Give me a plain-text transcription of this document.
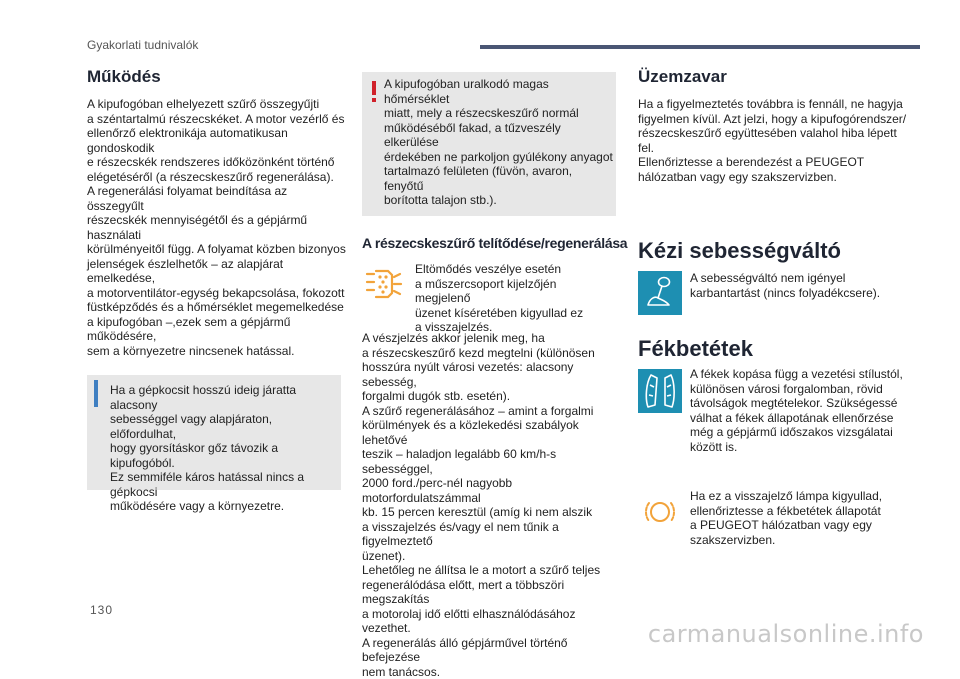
Gyakorlati tudnivalók
Működés
A kipufogóban elhelyezett szűrő összegyűjti
a széntartalmú részecskéket. A motor vezérlő és
ellenőrző elektronikája automatikusan gondoskodik
e részecskék rendszeres időközönként történő
elégetéséről (a részecskeszűrő regenerálása).
A regenerálási folyamat beindítása az összegyűlt
részecskék mennyiségétől és a gépjármű használati
körülményeitől függ. A folyamat közben bizonyos
jelenségek észlelhetők – az alapjárat emelkedése,
a motorventilátor-egység bekapcsolása, fokozott
füstképződés és a hőmérséklet megemelkedése
a kipufogóban –,ezek sem a gépjármű működésére,
sem a környezetre nincsenek hatással.
Ha a gépkocsit hosszú ideig járatta alacsony
sebességgel vagy alapjáraton, előfordulhat,
hogy gyorsításkor gőz távozik a kipufogóból.
Ez semmiféle káros hatással nincs a gépkocsi
működésére vagy a környezetre.
A kipufogóban uralkodó magas hőmérséklet
miatt, mely a részecskeszűrő normál
működéséből fakad, a tűzveszély elkerülése
érdekében ne parkoljon gyúlékony anyagot
tartalmazó felületen (füvön, avaron, fenyőtű
borította talajon stb.).
A részecskeszűrő telítődése/regenerálása
Eltömődés veszélye esetén
a műszercsoport kijelzőjén megjelenő
üzenet kíséretében kigyullad ez
a visszajelzés.
A vészjelzés akkor jelenik meg, ha
a részecskeszűrő kezd megtelni (különösen
hosszúra nyúlt városi vezetés: alacsony sebesség,
forgalmi dugók stb. esetén).
A szűrő regenerálásához – amint a forgalmi
körülmények és a közlekedési szabályok lehetővé
teszik – haladjon legalább 60 km/h-s sebességgel,
2000 ford./perc-nél nagyobb motorfordulatszámmal
kb. 15 percen keresztül (amíg ki nem alszik
a visszajelzés és/vagy el nem tűnik a figyelmeztető
üzenet).
Lehetőleg ne állítsa le a motort a szűrő teljes
regenerálódása előtt, mert a többszöri megszakítás
a motorolaj idő előtti elhasználódásához vezethet.
A regenerálás álló gépjárművel történő befejezése
nem tanácsos.
Üzemzavar
Ha a figyelmeztetés továbbra is fennáll, ne hagyja
figyelmen kívül. Azt jelzi, hogy a kipufogórendszer/
részecskeszűrő együttesében valahol hiba lépett
fel.
Ellenőriztesse a berendezést a PEUGEOT
hálózatban vagy egy szakszervizben.
Kézi sebességváltó
A sebességváltó nem igényel
karbantartást (nincs folyadékcsere).
Fékbetétek
A fékek kopása függ a vezetési stílustól,
különösen városi forgalomban, rövid
távolságok megtételekor. Szükségessé
válhat a fékek állapotának ellenőrzése
még a gépjármű időszakos vizsgálatai
között is.
Ha ez a visszajelző lámpa kigyullad,
ellenőriztesse a fékbetétek állapotát
a PEUGEOT hálózatban vagy egy
szakszervizben.
130
carmanualsonline.info
